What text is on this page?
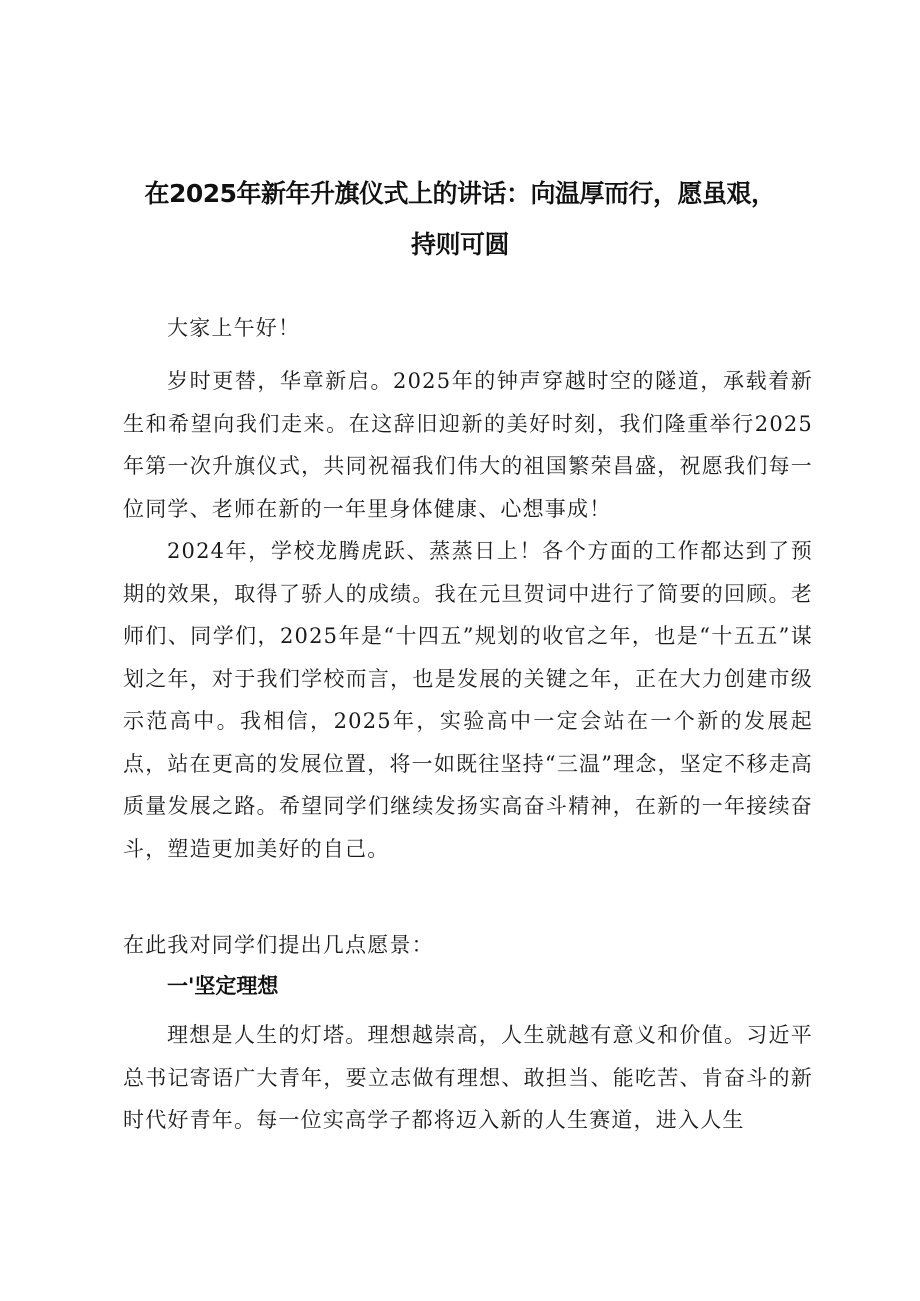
在2025年新年升旗仪式上的讲话：向温厚而行，愿虽艰，
持则可圆
大家上午好！
岁时更替，华章新启。2025年的钟声穿越时空的隧道，承载着新生和希望向我们走来。在这辞旧迎新的美好时刻，我们隆重举行2025年第一次升旗仪式，共同祝福我们伟大的祖国繁荣昌盛，祝愿我们每一位同学、老师在新的一年里身体健康、心想事成！
2024年，学校龙腾虎跃、蒸蒸日上！各个方面的工作都达到了预期的效果，取得了骄人的成绩。我在元旦贺词中进行了简要的回顾。老师们、同学们，2025年是“十四五”规划的收官之年，也是“十五五”谋划之年，对于我们学校而言，也是发展的关键之年，正在大力创建市级示范高中。我相信，2025年，实验高中一定会站在一个新的发展起点，站在更高的发展位置，将一如既往坚持“三温”理念，坚定不移走高质量发展之路。希望同学们继续发扬实高奋斗精神，在新的一年接续奋斗，塑造更加美好的自己。
在此我对同学们提出几点愿景：
一'坚定理想
理想是人生的灯塔。理想越崇高，人生就越有意义和价值。习近平总书记寄语广大青年，要立志做有理想、敢担当、能吃苦、肯奋斗的新时代好青年。每一位实高学子都将迈入新的人生赛道，进入人生
